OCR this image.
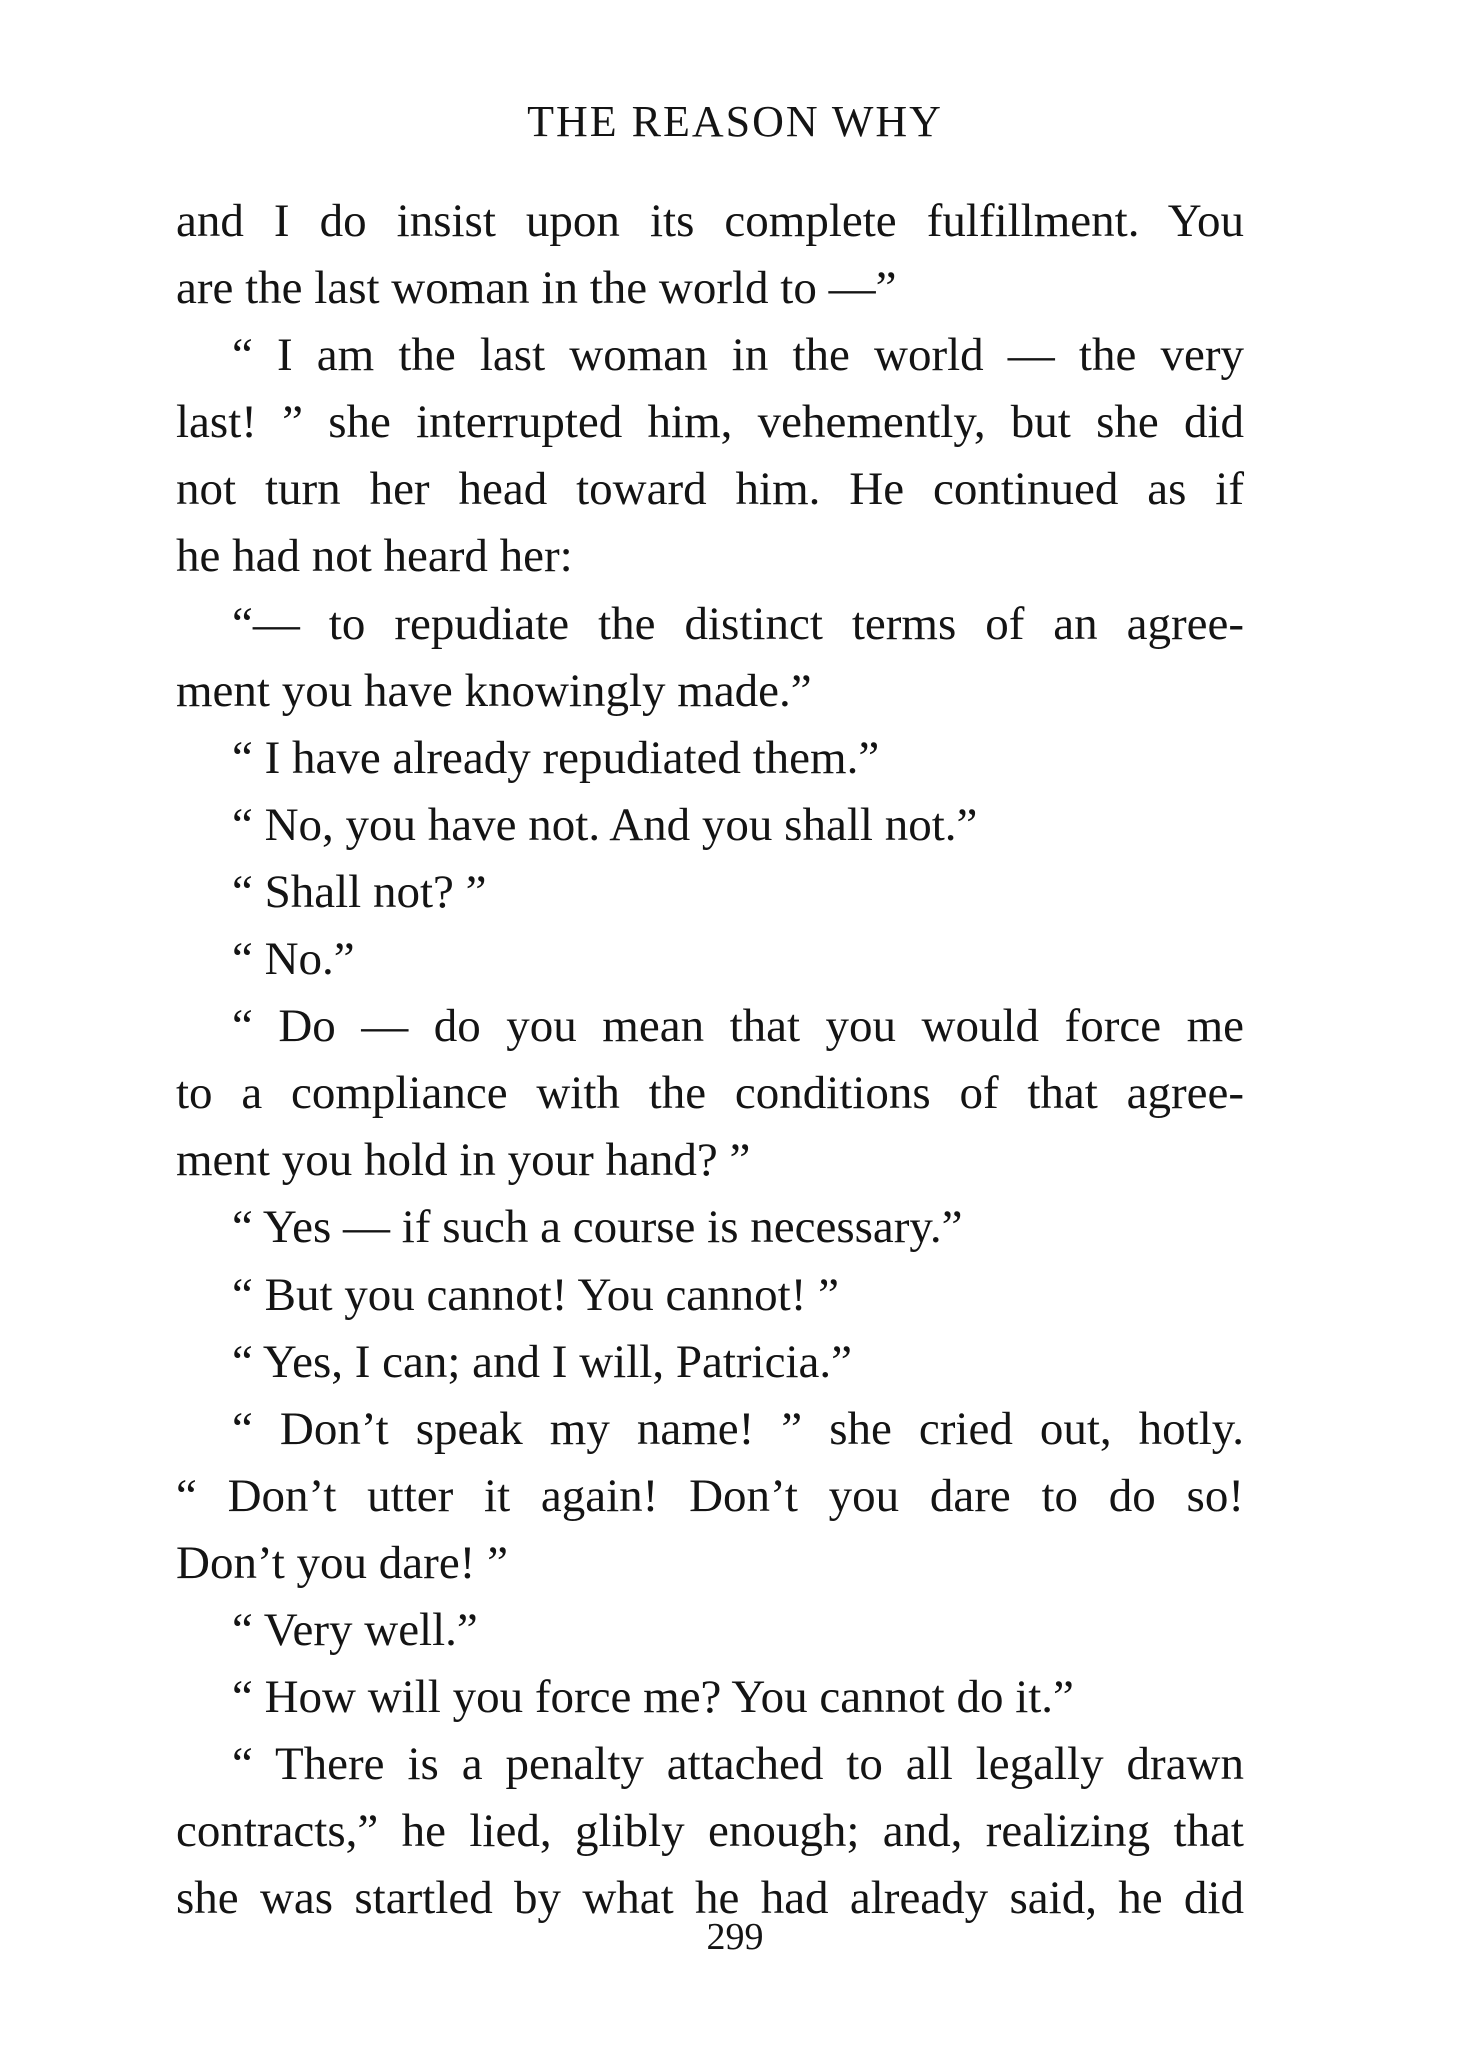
THE REASON WHY
and I do insist upon its complete fulfillment. You
are the last woman in the world to —”
“ I am the last woman in the world — the very
last! ” she interrupted him, vehemently, but she did
not turn her head toward him. He continued as if
he had not heard her:
“— to repudiate the distinct terms of an agree-
ment you have knowingly made.”
“ I have already repudiated them.”
“ No, you have not. And you shall not.”
“ Shall not? ”
“ No.”
“ Do — do you mean that you would force me
to a compliance with the conditions of that agree-
ment you hold in your hand? ”
“ Yes — if such a course is necessary.”
“ But you cannot! You cannot! ”
“ Yes, I can; and I will, Patricia.”
“ Don’t speak my name! ” she cried out, hotly.
“ Don’t utter it again! Don’t you dare to do so!
Don’t you dare! ”
“ Very well.”
“ How will you force me? You cannot do it.”
“ There is a penalty attached to all legally drawn
contracts,” he lied, glibly enough; and, realizing that
she was startled by what he had already said, he did
299
